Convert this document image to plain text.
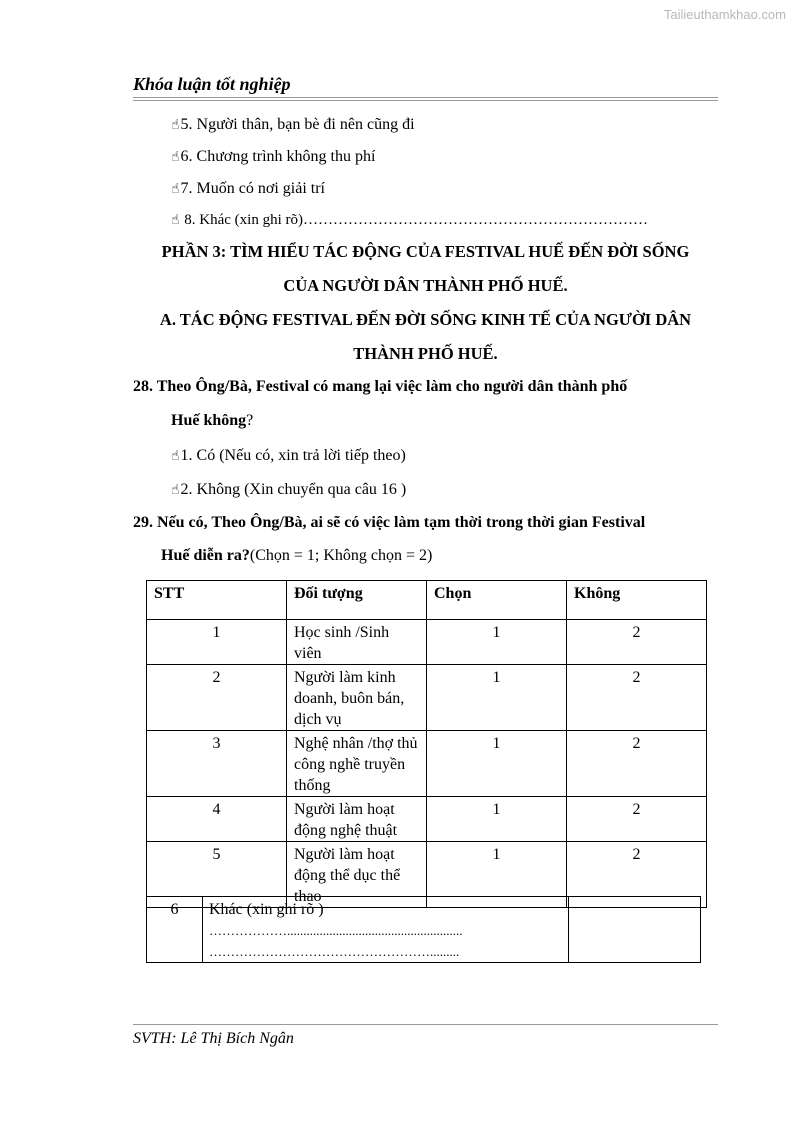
Tailieuthamkhao.com
Khóa luận tốt nghiệp
☝5. Người thân, bạn bè đi nên cũng đi
☝6. Chương trình không thu phí
☝7. Muốn có nơi giải trí
☝ 8. Khác (xin ghi rõ)……………………………………………………………
PHẦN 3: TÌM HIỂU TÁC ĐỘNG CỦA FESTIVAL HUẾ ĐẾN ĐỜI SỐNG
CỦA NGƯỜI DÂN THÀNH PHỐ HUẾ.
A. TÁC ĐỘNG FESTIVAL ĐẾN ĐỜI SỐNG KINH TẾ CỦA NGƯỜI DÂN
THÀNH PHỐ HUẾ.
28. Theo Ông/Bà, Festival có mang lại việc làm cho người dân thành phố
Huế không?
☝1. Có (Nếu có, xin trả lời tiếp theo)
☝2. Không (Xin chuyển qua câu 16 )
29. Nếu có, Theo Ông/Bà, ai sẽ có việc làm tạm thời trong thời gian Festival
Huế diễn ra?(Chọn = 1; Không chọn = 2)
STT	Đối tượng	Chọn	Không
1	Học sinh /Sinh viên	1	2
2	Người làm kinh doanh, buôn bán, dịch vụ	1	2
3	Nghệ nhân /thợ thủ công nghề truyền thống	1	2
4	Người làm hoạt động nghệ thuật	1	2
5	Người làm hoạt động thể dục thể thao	1	2
6	Khác (xin ghi rõ )
………………......................................................
…………………………………………….........

SVTH: Lê Thị Bích Ngân
